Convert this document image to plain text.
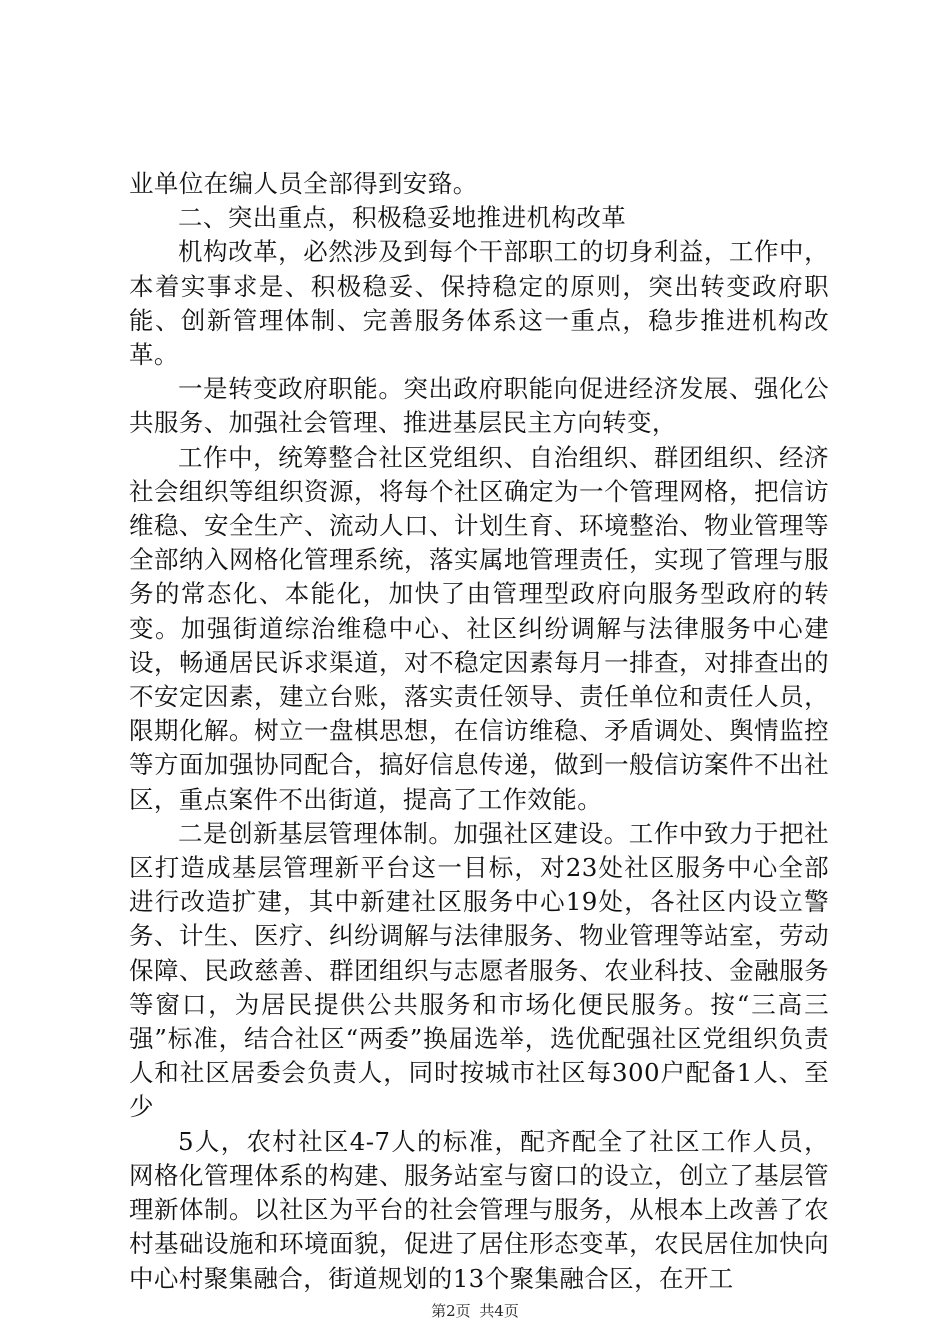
业单位在编人员全部得到安臵。

二、突出重点，积极稳妥地推进机构改革

机构改革，必然涉及到每个干部职工的切身利益，工作中，本着实事求是、积极稳妥、保持稳定的原则，突出转变政府职能、创新管理体制、完善服务体系这一重点，稳步推进机构改革。

一是转变政府职能。突出政府职能向促进经济发展、强化公共服务、加强社会管理、推进基层民主方向转变，

工作中，统筹整合社区党组织、自治组织、群团组织、经济社会组织等组织资源，将每个社区确定为一个管理网格，把信访维稳、安全生产、流动人口、计划生育、环境整治、物业管理等全部纳入网格化管理系统，落实属地管理责任，实现了管理与服务的常态化、本能化，加快了由管理型政府向服务型政府的转变。加强街道综治维稳中心、社区纠纷调解与法律服务中心建设，畅通居民诉求渠道，对不稳定因素每月一排查，对排查出的不安定因素，建立台账，落实责任领导、责任单位和责任人员，限期化解。树立一盘棋思想，在信访维稳、矛盾调处、舆情监控等方面加强协同配合，搞好信息传递，做到一般信访案件不出社区，重点案件不出街道，提高了工作效能。

二是创新基层管理体制。加强社区建设。工作中致力于把社区打造成基层管理新平台这一目标，对23处社区服务中心全部进行改造扩建，其中新建社区服务中心19处，各社区内设立警务、计生、医疗、纠纷调解与法律服务、物业管理等站室，劳动保障、民政慈善、群团组织与志愿者服务、农业科技、金融服务等窗口，为居民提供公共服务和市场化便民服务。按“三高三强”标准，结合社区“两委”换届选举，选优配强社区党组织负责人和社区居委会负责人，同时按城市社区每300户配备1人、至少

5人，农村社区4-7人的标准，配齐配全了社区工作人员，网格化管理体系的构建、服务站室与窗口的设立，创立了基层管理新体制。以社区为平台的社会管理与服务，从根本上改善了农村基础设施和环境面貌，促进了居住形态变革，农民居住加快向中心村聚集融合，街道规划的13个聚集融合区，在开工

第2页 共4页
